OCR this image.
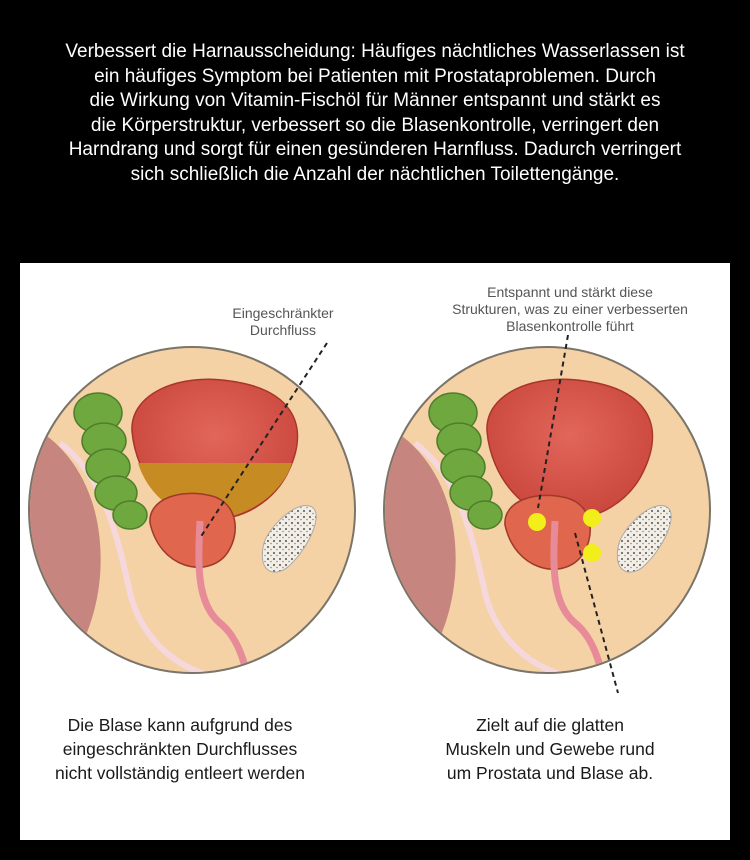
Verbessert die Harnausscheidung: Häufiges nächtliches Wasserlassen ist
ein häufiges Symptom bei Patienten mit Prostataproblemen. Durch
die Wirkung von Vitamin-Fischöl für Männer entspannt und stärkt es
die Körperstruktur, verbessert so die Blasenkontrolle, verringert den
Harndrang und sorgt für einen gesünderen Harnfluss. Dadurch verringert
sich schließlich die Anzahl der nächtlichen Toilettengänge.
Eingeschränkter
Durchfluss
Entspannt und stärkt diese
Strukturen, was zu einer verbesserten
Blasenkontrolle führt
Die Blase kann aufgrund des
eingeschränkten Durchflusses
nicht vollständig entleert werden
Zielt auf die glatten
Muskeln und Gewebe rund
um Prostata und Blase ab.
